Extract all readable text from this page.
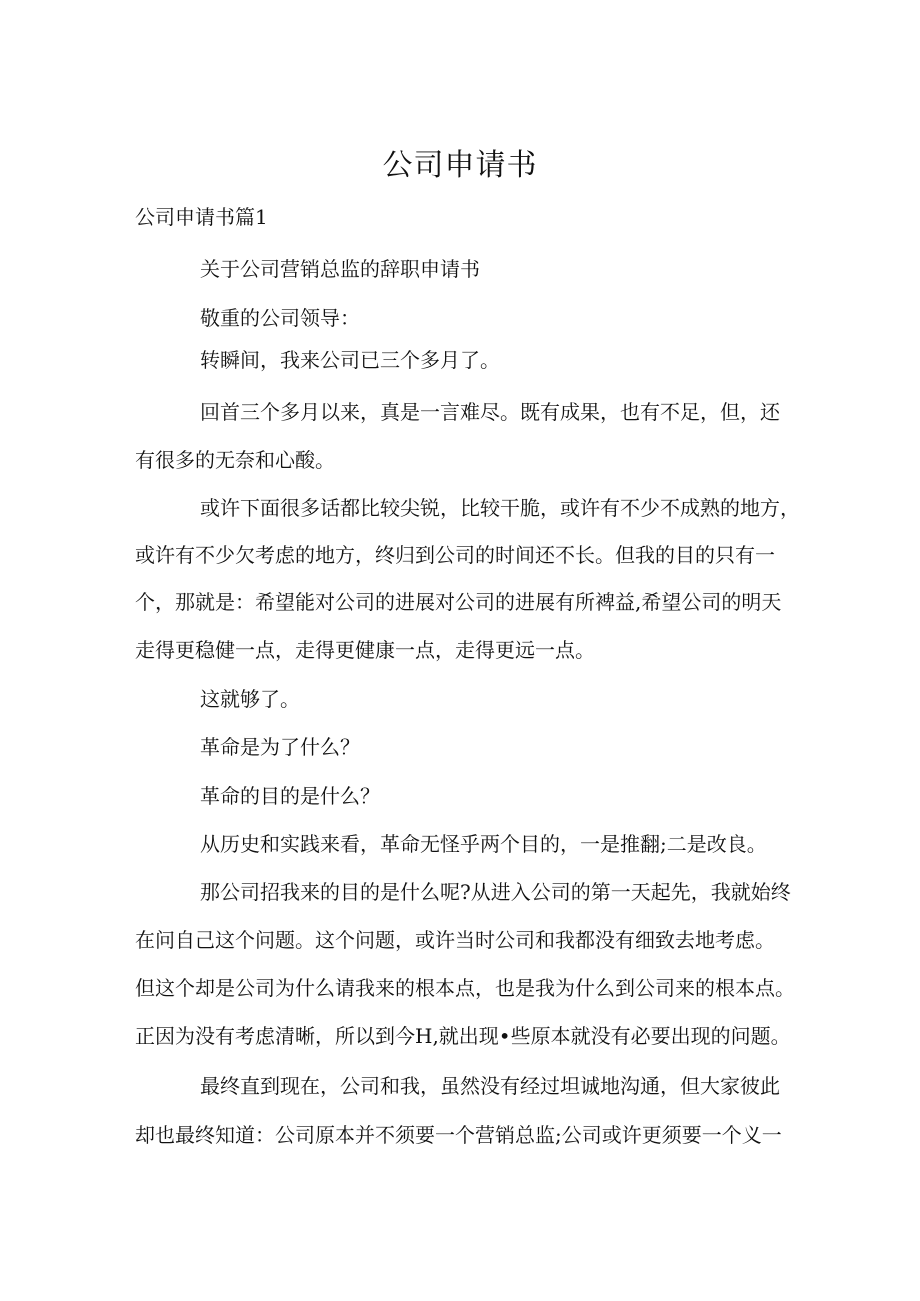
公司申请书

公司申请书篇1

关于公司营销总监的辞职申请书

敬重的公司领导：

转瞬间，我来公司已三个多月了。

回首三个多月以来，真是一言难尽。既有成果，也有不足，但，还

有很多的无奈和心酸。

或许下面很多话都比较尖锐，比较干脆，或许有不少不成熟的地方，

或许有不少欠考虑的地方，终归到公司的时间还不长。但我的目的只有一

个，那就是：希望能对公司的进展对公司的进展有所裨益,希望公司的明天

走得更稳健一点，走得更健康一点，走得更远一点。

这就够了。

革命是为了什么？

革命的目的是什么？

从历史和实践来看，革命无怪乎两个目的，一是推翻;二是改良。

那公司招我来的目的是什么呢?从进入公司的第一天起先，我就始终

在问自己这个问题。这个问题，或许当时公司和我都没有细致去地考虑。

但这个却是公司为什么请我来的根本点，也是我为什么到公司来的根本点。

正因为没有考虑清晰，所以到今H,就出现•些原本就没有必要出现的问题。

最终直到现在，公司和我，虽然没有经过坦诚地沟通，但大家彼此

却也最终知道：公司原本并不须要一个营销总监;公司或许更须要一个义一
